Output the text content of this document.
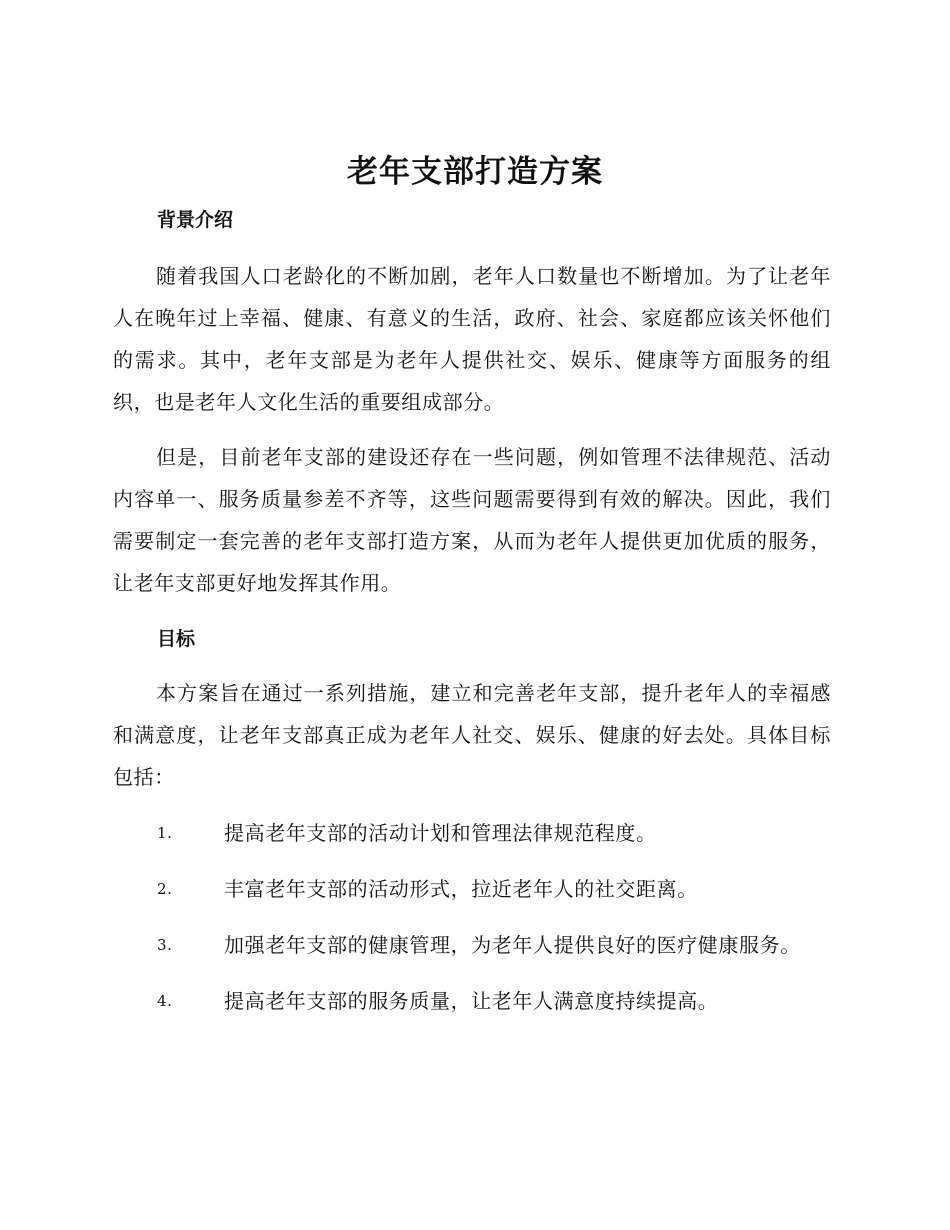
老年支部打造方案
背景介绍

随着我国人口老龄化的不断加剧，老年人口数量也不断增加。为了让老年人在晚年过上幸福、健康、有意义的生活，政府、社会、家庭都应该关怀他们的需求。其中，老年支部是为老年人提供社交、娱乐、健康等方面服务的组织，也是老年人文化生活的重要组成部分。

但是，目前老年支部的建设还存在一些问题，例如管理不法律规范、活动内容单一、服务质量参差不齐等，这些问题需要得到有效的解决。因此，我们需要制定一套完善的老年支部打造方案，从而为老年人提供更加优质的服务，让老年支部更好地发挥其作用。

目标

本方案旨在通过一系列措施，建立和完善老年支部，提升老年人的幸福感和满意度，让老年支部真正成为老年人社交、娱乐、健康的好去处。具体目标包括：

1.	提高老年支部的活动计划和管理法律规范程度。
2.	丰富老年支部的活动形式，拉近老年人的社交距离。
3.	加强老年支部的健康管理，为老年人提供良好的医疗健康服务。
4.	提高老年支部的服务质量，让老年人满意度持续提高。
